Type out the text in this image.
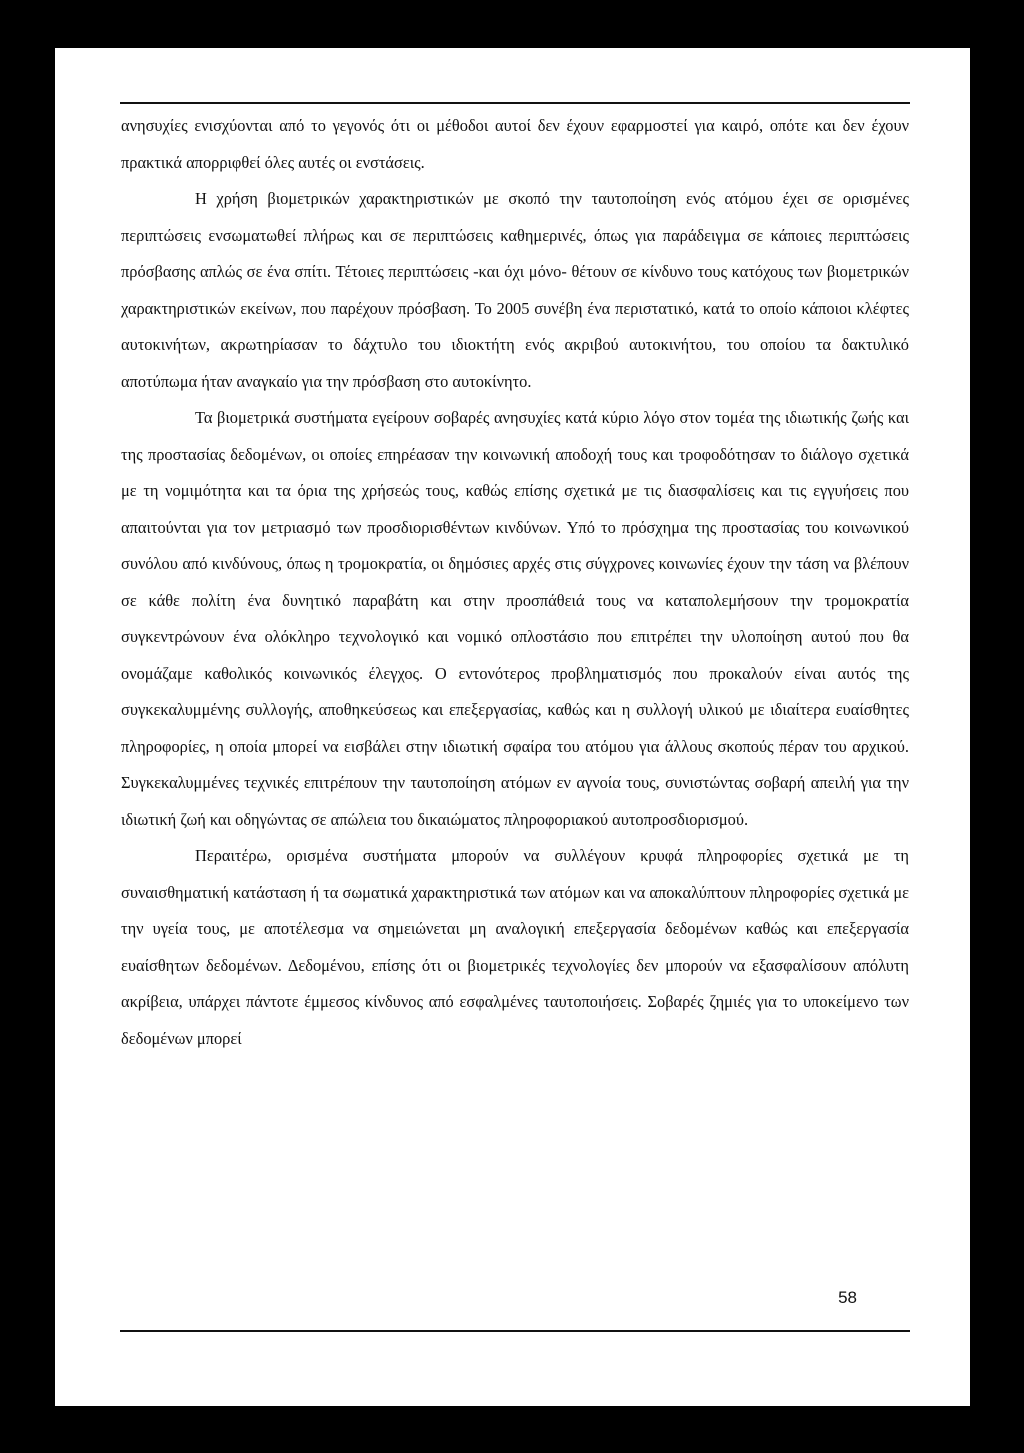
ανησυχίες ενισχύονται από το γεγονός ότι οι μέθοδοι αυτοί δεν έχουν εφαρμοστεί για καιρό, οπότε και δεν έχουν πρακτικά απορριφθεί όλες αυτές οι ενστάσεις.

Η χρήση βιομετρικών χαρακτηριστικών με σκοπό την ταυτοποίηση ενός ατόμου έχει σε ορισμένες περιπτώσεις ενσωματωθεί πλήρως και σε περιπτώσεις καθημερινές, όπως για παράδειγμα σε κάποιες περιπτώσεις πρόσβασης απλώς σε ένα σπίτι. Τέτοιες περιπτώσεις -και όχι μόνο- θέτουν σε κίνδυνο τους κατόχους των βιομετρικών χαρακτηριστικών εκείνων, που παρέχουν πρόσβαση. Το 2005 συνέβη ένα περιστατικό, κατά το οποίο κάποιοι κλέφτες αυτοκινήτων, ακρωτηρίασαν το δάχτυλο του ιδιοκτήτη ενός ακριβού αυτοκινήτου, του οποίου τα δακτυλικό αποτύπωμα ήταν αναγκαίο για την πρόσβαση στο αυτοκίνητο.

Τα βιομετρικά συστήματα εγείρουν σοβαρές ανησυχίες κατά κύριο λόγο στον τομέα της ιδιωτικής ζωής και της προστασίας δεδομένων, οι οποίες επηρέασαν την κοινωνική αποδοχή τους και τροφοδότησαν το διάλογο σχετικά με τη νομιμότητα και τα όρια της χρήσεώς τους, καθώς επίσης σχετικά με τις διασφαλίσεις και τις εγγυήσεις που απαιτούνται για τον μετριασμό των προσδιορισθέντων κινδύνων. Υπό το πρόσχημα της προστασίας του κοινωνικού συνόλου από κινδύνους, όπως η τρομοκρατία, οι δημόσιες αρχές στις σύγχρονες κοινωνίες έχουν την τάση να βλέπουν σε κάθε πολίτη ένα δυνητικό παραβάτη και στην προσπάθειά τους να καταπολεμήσουν την τρομοκρατία συγκεντρώνουν ένα ολόκληρο τεχνολογικό και νομικό οπλοστάσιο που επιτρέπει την υλοποίηση αυτού που θα ονομάζαμε καθολικός κοινωνικός έλεγχος. Ο εντονότερος προβληματισμός που προκαλούν είναι αυτός της συγκεκαλυμμένης συλλογής, αποθηκεύσεως και επεξεργασίας, καθώς και η συλλογή υλικού με ιδιαίτερα ευαίσθητες πληροφορίες, η οποία μπορεί να εισβάλει στην ιδιωτική σφαίρα του ατόμου για άλλους σκοπούς πέραν του αρχικού. Συγκεκαλυμμένες τεχνικές επιτρέπουν την ταυτοποίηση ατόμων εν αγνοία τους, συνιστώντας σοβαρή απειλή για την ιδιωτική ζωή και οδηγώντας σε απώλεια του δικαιώματος πληροφοριακού αυτοπροσδιορισμού.

Περαιτέρω, ορισμένα συστήματα μπορούν να συλλέγουν κρυφά πληροφορίες σχετικά με τη συναισθηματική κατάσταση ή τα σωματικά χαρακτηριστικά των ατόμων και να αποκαλύπτουν πληροφορίες σχετικά με την υγεία τους, με αποτέλεσμα να σημειώνεται μη αναλογική επεξεργασία δεδομένων καθώς και επεξεργασία ευαίσθητων δεδομένων. Δεδομένου, επίσης ότι οι βιομετρικές τεχνολογίες δεν μπορούν να εξασφαλίσουν απόλυτη ακρίβεια, υπάρχει πάντοτε έμμεσος κίνδυνος από εσφαλμένες ταυτοποιήσεις. Σοβαρές ζημιές για το υποκείμενο των δεδομένων μπορεί

58
